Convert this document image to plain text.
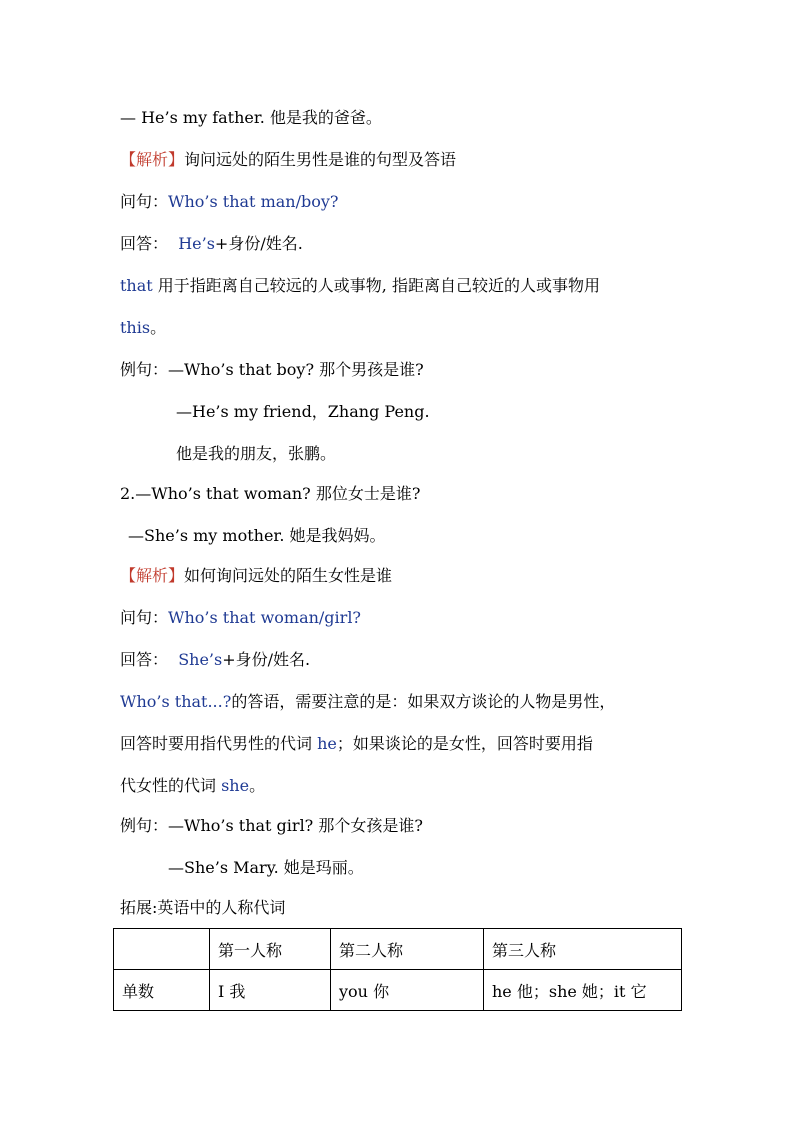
— He’s my father. 他是我的爸爸。
【解析】询问远处的陌生男性是谁的句型及答语
问句：Who’s that man/boy?
回答： He’s+身份/姓名.
that 用于指距离自己较远的人或事物, 指距离自己较近的人或事物用
this。
例句：—Who’s that boy? 那个男孩是谁?
—He’s my friend，Zhang Peng.
他是我的朋友，张鹏。
2.—Who’s that woman? 那位女士是谁?
—She’s my mother. 她是我妈妈。
【解析】如何询问远处的陌生女性是谁
问句：Who’s that woman/girl?
回答： She’s+身份/姓名.
Who’s that...?的答语，需要注意的是：如果双方谈论的人物是男性，
回答时要用指代男性的代词 he；如果谈论的是女性，回答时要用指
代女性的代词 she。
例句：—Who’s that girl? 那个女孩是谁?
—She’s Mary. 她是玛丽。
拓展:英语中的人称代词
	第一人称	第二人称	第三人称
单数	I 我	you 你	he 他；she 她；it 它
